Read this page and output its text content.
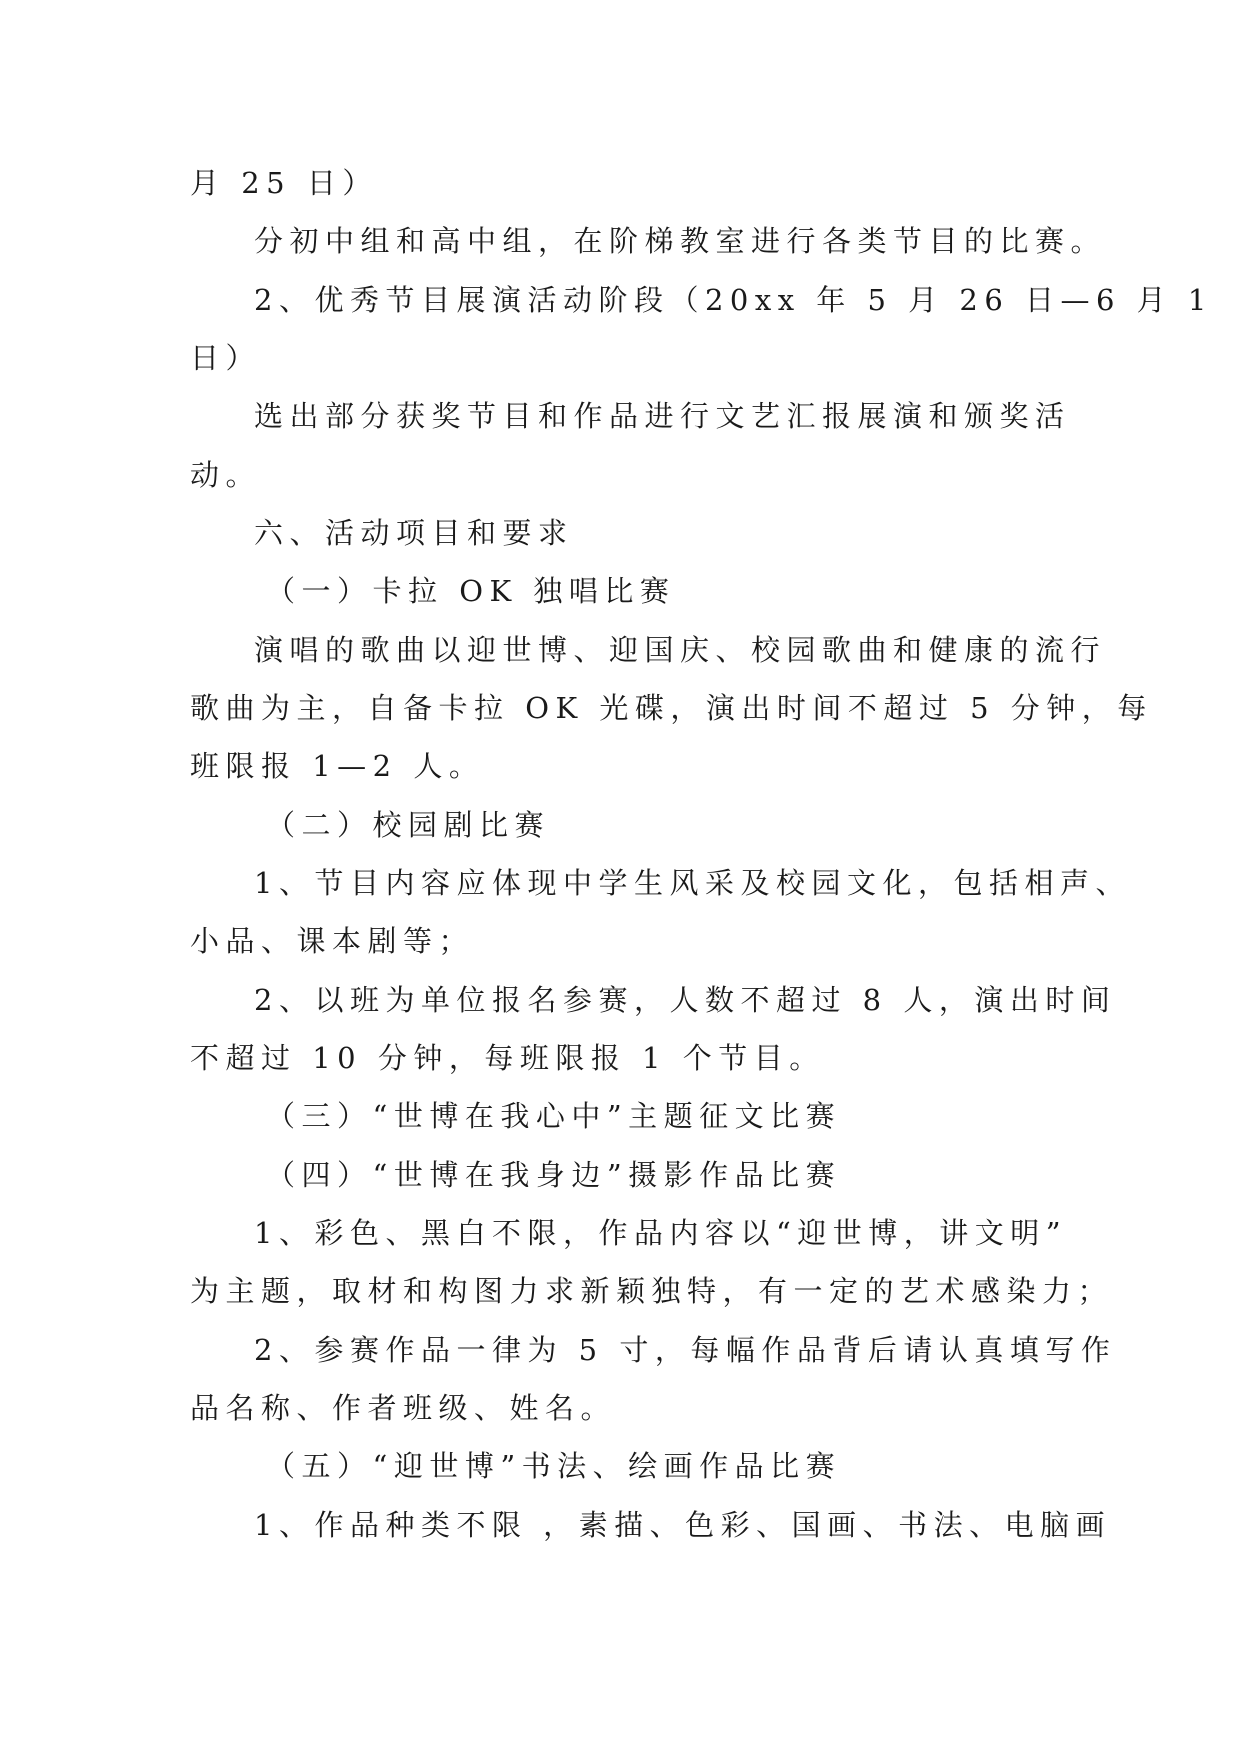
月 25 日）
分初中组和高中组，在阶梯教室进行各类节目的比赛。
2、优秀节目展演活动阶段（20xx 年 5 月 26 日—6 月 1
日）
选出部分获奖节目和作品进行文艺汇报展演和颁奖活
动。
六、活动项目和要求
（一）卡拉 OK 独唱比赛
演唱的歌曲以迎世博、迎国庆、校园歌曲和健康的流行
歌曲为主，自备卡拉 OK 光碟，演出时间不超过 5 分钟，每
班限报 1—2 人。
（二）校园剧比赛
1、节目内容应体现中学生风采及校园文化，包括相声、
小品、课本剧等；
2、以班为单位报名参赛，人数不超过 8 人，演出时间
不超过 10 分钟，每班限报 1 个节目。
（三）“世博在我心中”主题征文比赛
（四）“世博在我身边”摄影作品比赛
1、彩色、黑白不限，作品内容以“迎世博，讲文明”
为主题，取材和构图力求新颖独特，有一定的艺术感染力；
2、参赛作品一律为 5 寸，每幅作品背后请认真填写作
品名称、作者班级、姓名。
（五）“迎世博”书法、绘画作品比赛
1、作品种类不限 ，素描、色彩、国画、书法、电脑画
